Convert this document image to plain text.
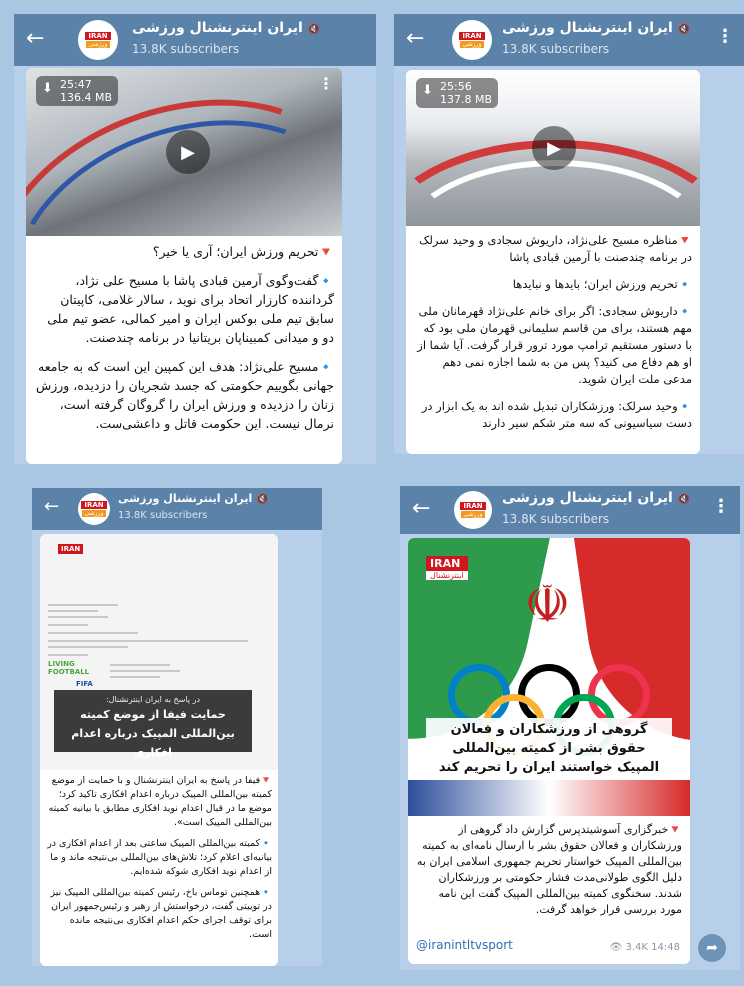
←	IRAN
ورزشی
🔇 ایران اینترنشنال ورزشی
13.8K subscribers
⬇ 25:47
136.4 MB
▶
⋮

🔻تحریم ورزش ایران؛ آری یا خیر؟

🔹گفت‌وگوی آرمین قبادی پاشا با مسیح علی نژاد، گرداننده کارزار اتحاد برای نوید ، سالار غلامی، کاپیتان سابق تیم ملی بوکس ایران و امیر کمالی، عضو تیم ملی دو و میدانی کمبیناپان بریتانیا در برنامه چندصنت.

🔹مسیح علی‌نژاد: هدف این کمپین این است که به جامعه جهانی بگوییم حکومتی که جسد شجریان را دزدیده، ورزش زنان را دزدیده و ورزش ایران را گروگان گرفته است، نرمال نیست. این حکومت قاتل و داعشی‌ست.

←	IRAN
ورزشی
🔇 ایران اینترنشنال ورزشی
13.8K subscribers
⋮
⬇ 25:56
137.8 MB
▶

🔻مناظره مسیح علی‌نژاد، داریوش سجادی و وحید سرلک در برنامه چندصنت با آرمین قبادی پاشا

🔹تحریم ورزش ایران؛ بایدها و نبایدها

🔹داریوش سجادی: اگر برای خانم علی‌نژاد قهرمانان ملی مهم هستند، برای من قاسم سلیمانی قهرمان ملی بود که با دستور مستقیم ترامپ مورد ترور قرار گرفت. آیا شما از او هم دفاع می کنید؟ پس من به شما اجازه نمی دهم مدعی ملت ایران شوید.

🔹وحید سرلک: ورزشکاران تبدیل شده اند به یک ابزار در دست سیاسیونی که سه متر شکم سیر دارند

←	IRAN
ورزشی
🔇 ایران اینترنشنال ورزشی
13.8K subscribers
IRAN
LIVING
FOOTBALL
FIFA
در پاسخ به ایران اینترنشنال:
حمایت فیفا از موضع کمیته بین‌المللی المپیک درباره اعدام افکاری

🔻فیفا در پاسخ به ایران اینترنشنال و با حمایت از موضع کمیته بین‌المللی المپیک درباره اعدام افکاری تاکید کرد؛ موضع ما در قبال اعدام نوید افکاری مطابق با بیانیه کمیته بین‌المللی المپیک است».

🔹کمیته بین‌المللی المپیک ساعتی بعد از اعدام افکاری در بیانیه‌ای اعلام کرد؛ تلاش‌های بین‌المللی بی‌نتیجه ماند و ما از اعدام نوید افکاری شوکه شده‌ایم.

🔹همچنین توماس باخ، رئیس کمیته بین‌المللی المپیک نیز در توییتی گفت، درخواستش از رهبر و رئیس‌جمهور ایران برای توقف اجرای حکم اعدام افکاری بی‌نتیجه مانده است.

←	IRAN
ورزشی
🔇 ایران اینترنشنال ورزشی
13.8K subscribers
⋮
☫
IRAN
اینترنشنال
گروهی از ورزشکاران و فعالان حقوق بشر از کمیته بین‌المللی المپیک خواستند ایران را تحریم کند

🔻خبرگزاری آسوشیتدپرس گزارش داد گروهی از ورزشکاران و فعالان حقوق بشر با ارسال نامه‌ای به کمیته بین‌المللی المپیک خواستار تحریم جمهوری اسلامی ایران به دلیل الگوی طولانی‌مدت فشار حکومتی بر ورزشکاران شدند. سخنگوی کمیته بین‌المللی المپیک گفت این نامه مورد بررسی قرار خواهد گرفت.

@iranintltvsport	👁 3.4K 14:48	➦
